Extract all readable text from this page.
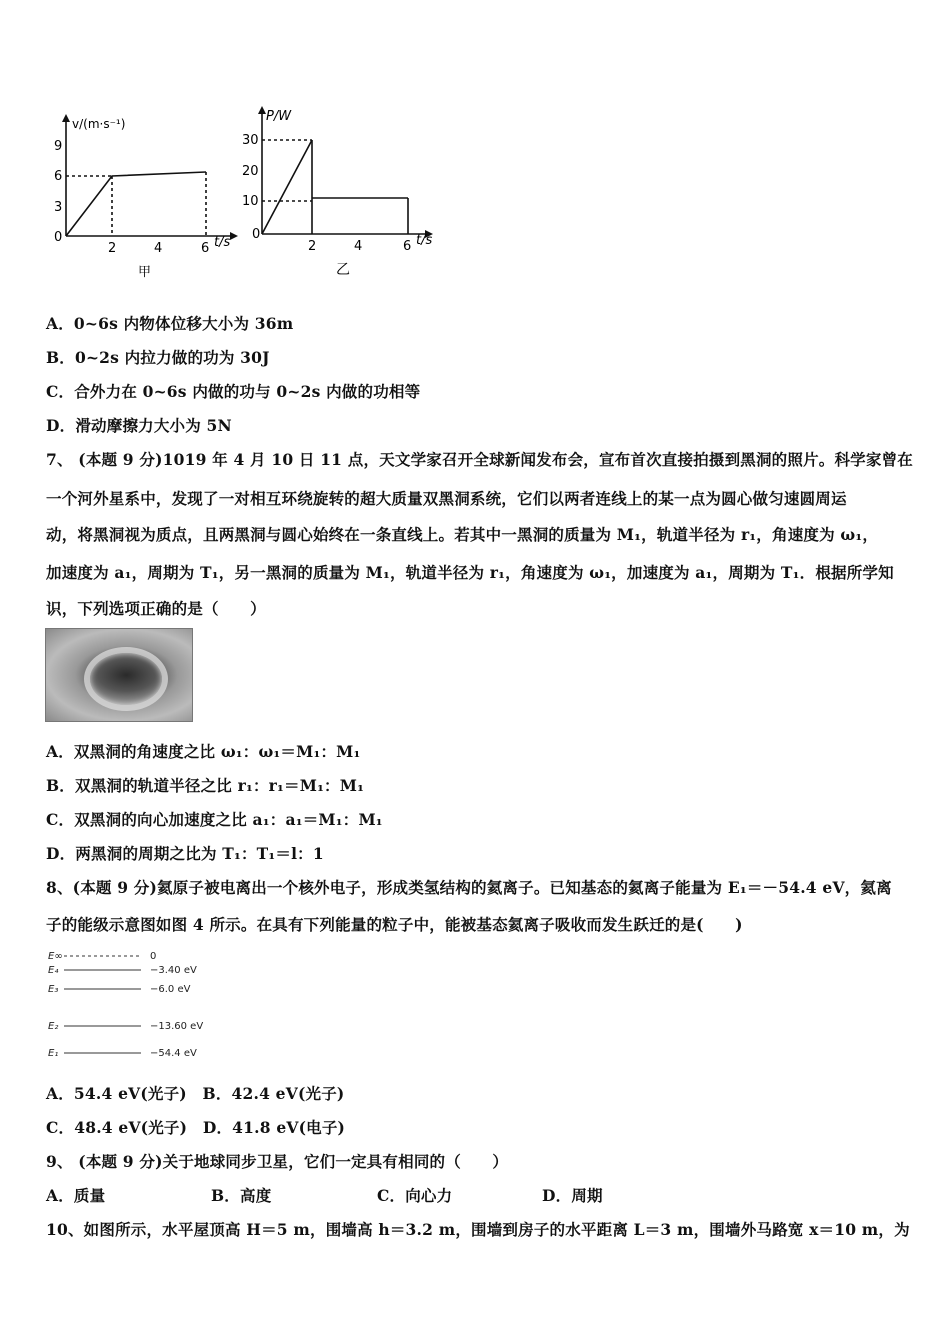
v/(m·s⁻¹)
9
6
3
0
2	4	6 t/s
甲
P/W
30
20
10
0
2	4	6 t/s
乙
A．0~6s 内物体位移大小为 36m
B．0~2s 内拉力做的功为 30J
C．合外力在 0~6s 内做的功与 0~2s 内做的功相等
D．滑动摩擦力大小为 5N
7、 (本题 9 分)1019 年 4 月 10 日 11 点，天文学家召开全球新闻发布会，宣布首次直接拍摄到黑洞的照片。科学家曾在
一个河外星系中，发现了一对相互环绕旋转的超大质量双黑洞系统，它们以两者连线上的某一点为圆心做匀速圆周运
动，将黑洞视为质点，且两黑洞与圆心始终在一条直线上。若其中一黑洞的质量为 M₁，轨道半径为 r₁，角速度为 ω₁，
加速度为 a₁，周期为 T₁，另一黑洞的质量为 M₁，轨道半径为 r₁，角速度为 ω₁，加速度为 a₁，周期为 T₁．根据所学知
识，下列选项正确的是（　　）
A．双黑洞的角速度之比 ω₁：ω₁＝M₁：M₁
B．双黑洞的轨道半径之比 r₁：r₁＝M₁：M₁
C．双黑洞的向心加速度之比 a₁：a₁＝M₁：M₁
D．两黑洞的周期之比为 T₁：T₁＝l：1
8、(本题 9 分)氦原子被电离出一个核外电子，形成类氢结构的氦离子。已知基态的氦离子能量为 E₁＝－54.4 eV，氦离
子的能级示意图如图 4 所示。在具有下列能量的粒子中，能被基态氦离子吸收而发生跃迁的是(　　)
E∞
E₄
E₃
E₂
E₁
0
−3.40 eV
−6.0 eV
−13.60 eV
−54.4 eV
A．54.4 eV(光子)　B．42.4 eV(光子)
C．48.4 eV(光子)　D．41.8 eV(电子)
9、 (本题 9 分)关于地球同步卫星，它们一定具有相同的（　　）
A．质量	B．高度	C．向心力	D．周期
10、如图所示，水平屋顶高 H＝5 m，围墙高 h＝3.2 m，围墙到房子的水平距离 L＝3 m，围墙外马路宽 x＝10 m，为
